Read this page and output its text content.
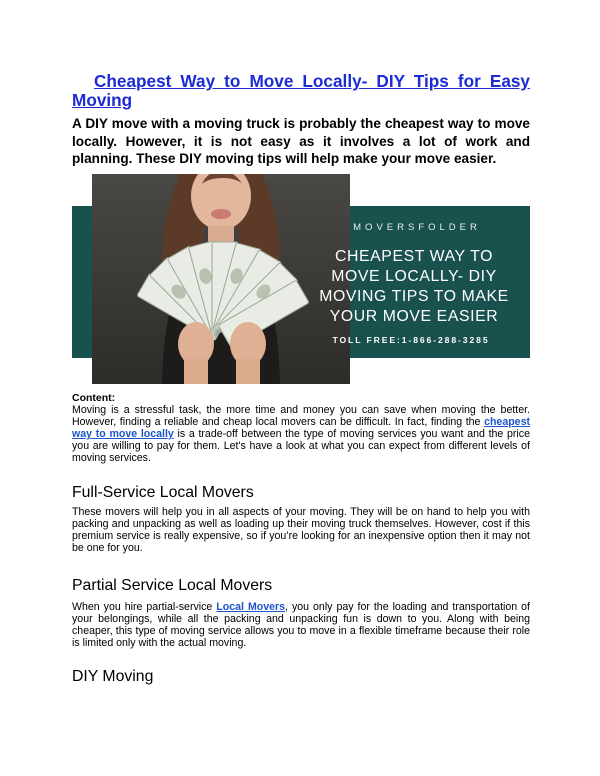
Cheapest Way to Move Locally- DIY Tips for Easy Moving

A DIY move with a moving truck is probably the cheapest way to move locally. However, it is not easy as it involves a lot of work and planning. These DIY moving tips will help make your move easier.

MOVERSFOLDER
CHEAPEST WAY TO
MOVE LOCALLY- DIY
MOVING TIPS TO MAKE
YOUR MOVE EASIER
TOLL FREE:1-866-288-3285

Content:

Moving is a stressful task, the more time and money you can save when moving the better. However, finding a reliable and cheap local movers can be difficult. In fact, finding the cheapest way to move locally is a trade-off between the type of moving services you want and the price you are willing to pay for them. Let's have a look at what you can expect from different levels of moving services.

Full-Service Local Movers

These movers will help you in all aspects of your moving. They will be on hand to help you with packing and unpacking as well as loading up their moving truck themselves. However, cost if this premium service is really expensive, so if you’re looking for an inexpensive option then it may not be one for you.

Partial Service Local Movers

When you hire partial-service Local Movers, you only pay for the loading and transportation of your belongings, while all the packing and unpacking fun is down to you. Along with being cheaper, this type of moving service allows you to move in a flexible timeframe because their role is limited only with the actual moving.

DIY Moving
